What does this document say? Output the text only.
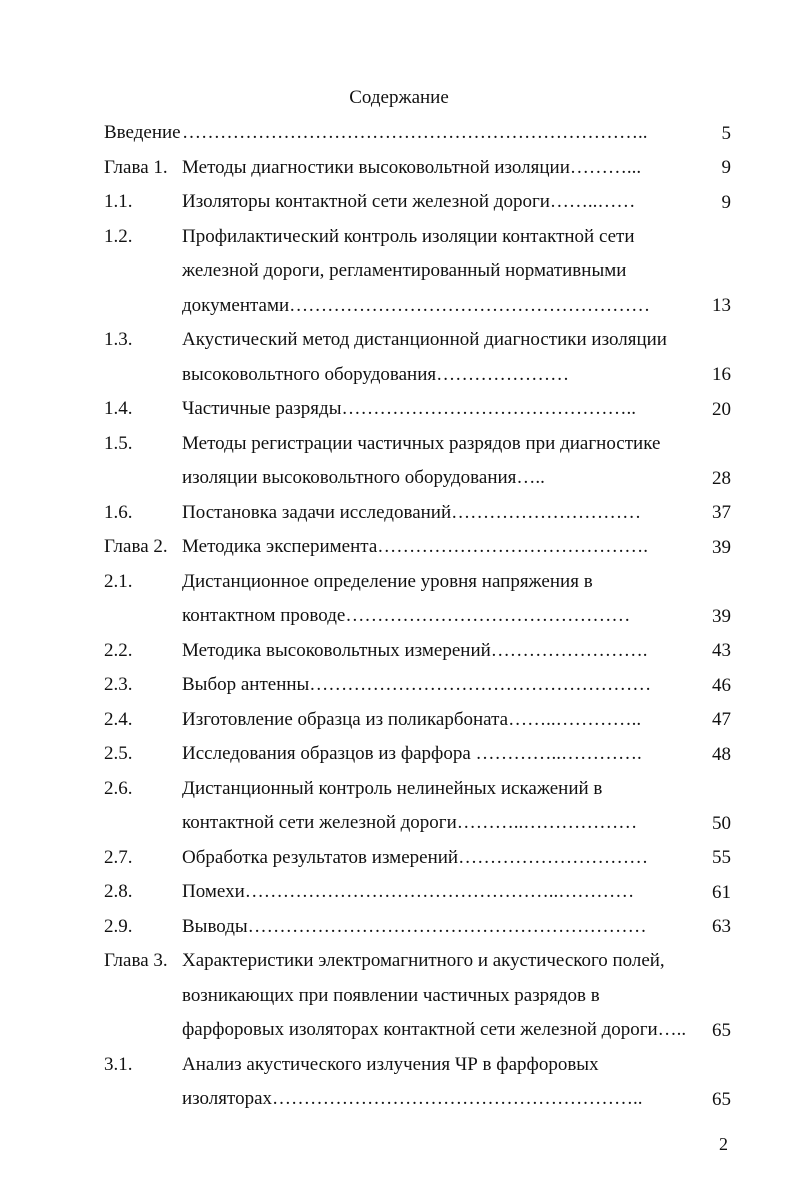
Содержание
Введение ………………………………………………………………..	5
Глава 1. Методы диагностики высоковольтной изоляции………...	9
1.1.	Изоляторы контактной сети железной дороги……..……	9
1.2.	Профилактический контроль изоляции контактной сети
железной дороги, регламентированный нормативными
документами…………………………………………………	13
1.3.	Акустический метод дистанционной диагностики изоляции
высоковольтного оборудования…………………	16
1.4.	Частичные разряды………………………………………..	20
1.5.	Методы регистрации частичных разрядов при диагностике
изоляции высоковольтного оборудования…..	28
1.6.	Постановка задачи исследований…………………………	37
Глава 2. Методика эксперимента…………………………………….	39
2.1.	Дистанционное определение уровня напряжения в
контактном проводе………………………………………	39
2.2.	Методика высоковольтных измерений…………………….	43
2.3.	Выбор антенны………………………………………………	46
2.4.	Изготовление образца из поликарбоната……..…………..	47
2.5.	Исследования образцов из фарфора …………..………….	48
2.6.	Дистанционный контроль нелинейных искажений в
контактной сети железной дороги………..………………	50
2.7.	Обработка результатов измерений…………………………	55
2.8.	Помехи…………………………………………..…………	61
2.9.	Выводы………………………………………………………	63
Глава 3. Характеристики электромагнитного и акустического полей,
возникающих при появлении частичных разрядов в
фарфоровых изоляторах контактной сети железной дороги….. 65
3.1.	Анализ акустического излучения ЧР в фарфоровых
изоляторах…………………………………………………..	65
2
